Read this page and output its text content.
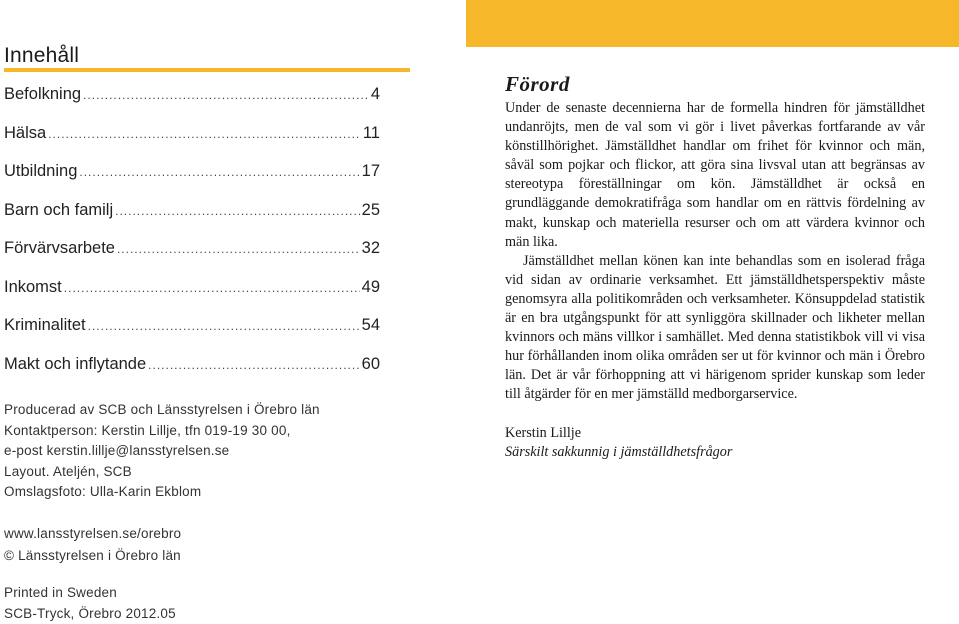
Innehåll
Befolkning .....	4
Hälsa .....	11
Utbildning .....	17
Barn och familj .....	25
Förvärvsarbete .....	32
Inkomst .....	49
Kriminalitet .....	54
Makt och inflytande .....	60
Producerad av SCB och Länsstyrelsen i Örebro län
Kontaktperson: Kerstin Lillje, tfn 019-19 30 00,
e-post kerstin.lillje@lansstyrelsen.se
Layout. Ateljén, SCB
Omslagsfoto: Ulla-Karin Ekblom
www.lansstyrelsen.se/orebro
© Länsstyrelsen i Örebro län
Printed in Sweden
SCB-Tryck, Örebro 2012.05
Förord

Under de senaste decennierna har de formella hindren för jämställdhet undanröjts, men de val som vi gör i livet påverkas fortfarande av vår könstillhörighet. Jämställdhet handlar om frihet för kvinnor och män, såväl som pojkar och flickor, att göra sina livsval utan att begränsas av stereotypa föreställningar om kön. Jämställdhet är också en grundläggande demokratifråga som handlar om en rättvis fördelning av makt, kunskap och materiella resurser och om att värdera kvinnor och män lika.

Jämställdhet mellan könen kan inte behandlas som en isolerad fråga vid sidan av ordinarie verksamhet. Ett jämställdhetsperspektiv måste genomsyra alla politikområden och verksamheter. Könsuppdelad statistik är en bra utgångspunkt för att synliggöra skillnader och likheter mellan kvinnors och mäns villkor i samhället. Med denna statistikbok vill vi visa hur förhållanden inom olika områden ser ut för kvinnor och män i Örebro län. Det är vår förhoppning att vi härigenom sprider kunskap som leder till åtgärder för en mer jämställd medborgarservice.

Kerstin Lillje
Särskilt sakkunnig i jämställdhetsfrågor
